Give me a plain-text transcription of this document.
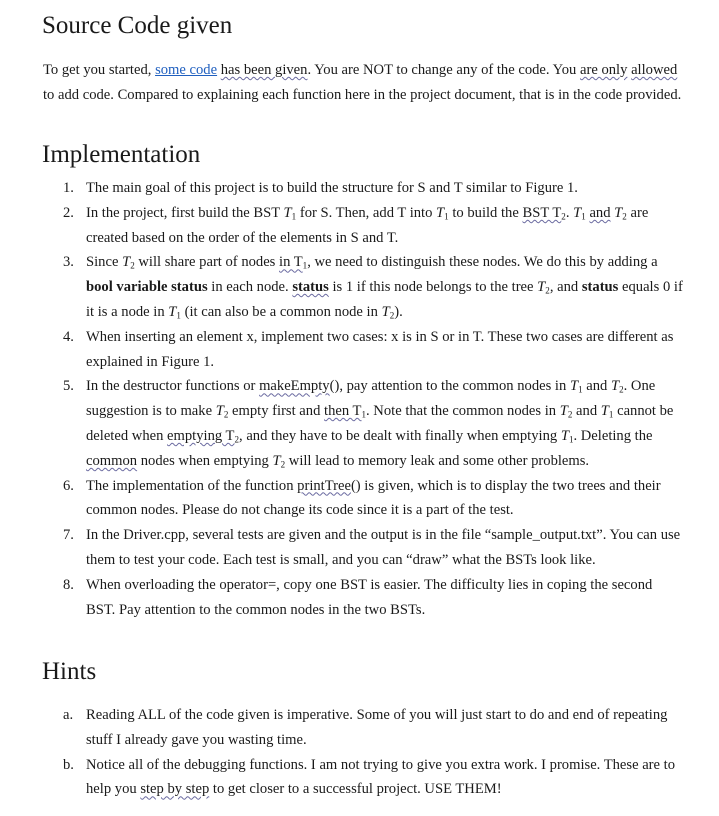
Source Code given

To get you started, some code has been given. You are NOT to change any of the code. You are only allowed to add code. Compared to explaining each function here in the project document, that is in the code provided.

Implementation
1. The main goal of this project is to build the structure for S and T similar to Figure 1.
2. In the project, first build the BST $T_1$ for S. Then, add T into $T_1$ to build the BST $T_2$. $T_1$ and $T_2$ are created based on the order of the elements in S and T.
3. Since $T_2$ will share part of nodes in $T_1$, we need to distinguish these nodes. We do this by adding a bool variable status in each node. status is 1 if this node belongs to the tree $T_2$, and status equals 0 if it is a node in $T_1$ (it can also be a common node in $T_2$).
4. When inserting an element x, implement two cases: x is in S or in T. These two cases are different as explained in Figure 1.
5. In the destructor functions or makeEmpty(), pay attention to the common nodes in $T_1$ and $T_2$. One suggestion is to make $T_2$ empty first and then $T_1$. Note that the common nodes in $T_2$ and $T_1$ cannot be deleted when emptying $T_2$, and they have to be dealt with finally when emptying $T_1$. Deleting the common nodes when emptying $T_2$ will lead to memory leak and some other problems.
6. The implementation of the function printTree() is given, which is to display the two trees and their common nodes. Please do not change its code since it is a part of the test.
7. In the Driver.cpp, several tests are given and the output is in the file “sample_output.txt”. You can use them to test your code. Each test is small, and you can “draw” what the BSTs look like.
8. When overloading the operator=, copy one BST is easier. The difficulty lies in coping the second BST. Pay attention to the common nodes in the two BSTs.
Hints
a. Reading ALL of the code given is imperative. Some of you will just start to do and end of repeating stuff I already gave you wasting time.
b. Notice all of the debugging functions. I am not trying to give you extra work. I promise. These are to help you step by step to get closer to a successful project. USE THEM!
